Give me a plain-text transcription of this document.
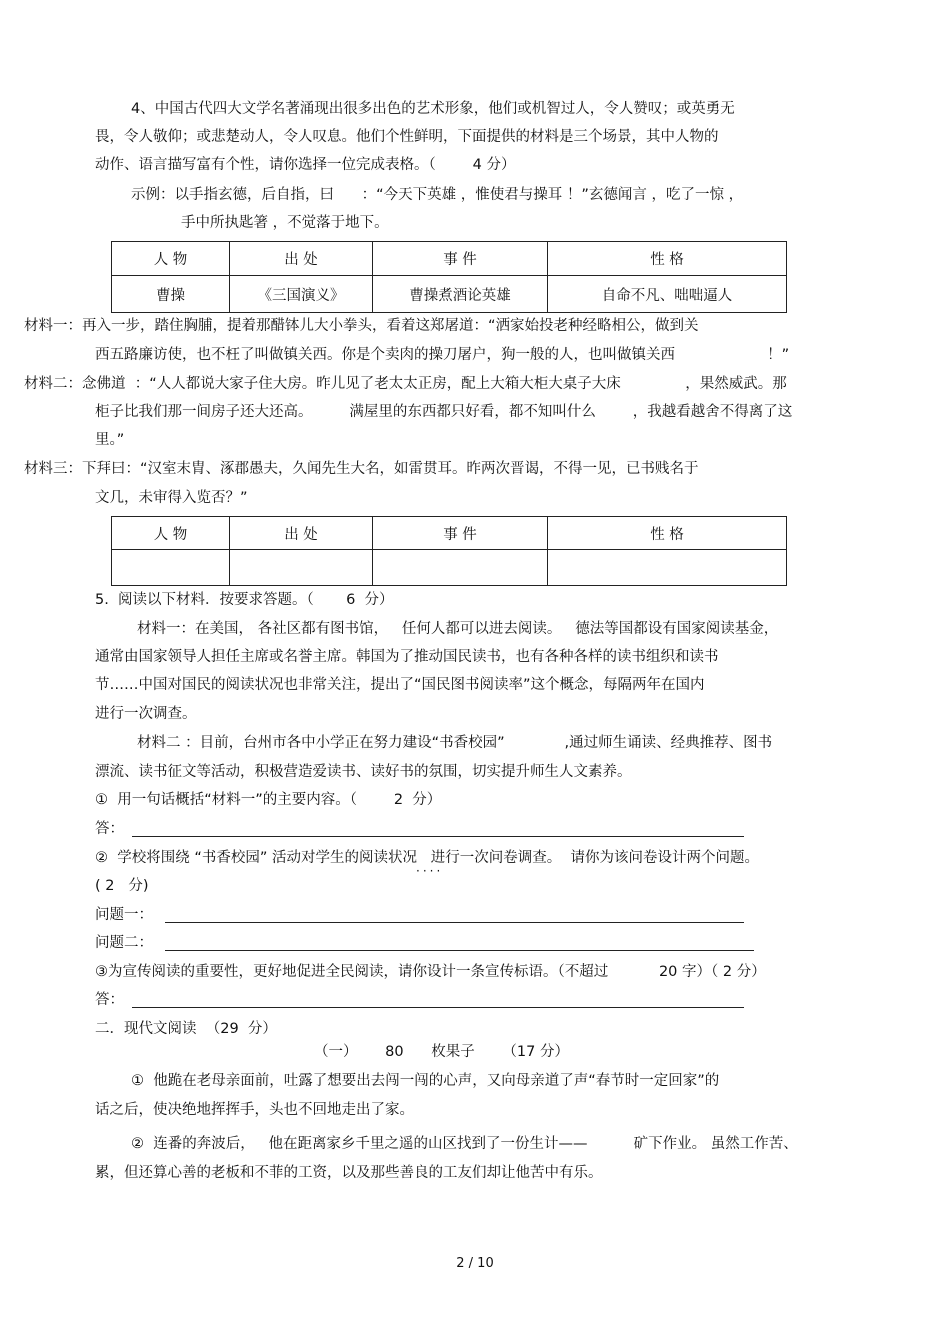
4、中国古代四大文学名著涌现出很多出色的艺术形象，他们或机智过人，令人赞叹；或英勇无
畏，令人敬仰；或悲楚动人，令人叹息。他们个性鲜明，下面提供的材料是三个场景，其中人物的
动作、语言描写富有个性，请你选择一位完成表格。（        4 分）
示例：以手指玄德，后自指，曰      ：“今天下英雄 ，惟使君与操耳 ！”玄德闻言 ，吃了一惊 ，
手中所执匙箸 ，不觉落于地下。
人 物	出 处	事 件	性 格
曹操	《三国演义》	曹操煮酒论英雄	自命不凡、咄咄逼人
材料一：再入一步，踏住胸脯，提着那醋钵儿大小拳头，看着这郑屠道：“洒家始投老种经略相公，做到关
西五路廉访使，也不枉了叫做镇关西。你是个卖肉的操刀屠户，狗一般的人，也叫做镇关西                    ！”
材料二：念佛道  ：“人人都说大家子住大房。昨儿见了老太太正房，配上大箱大柜大桌子大床              ，果然威武。那
柜子比我们那一间房子还大还高。        满屋里的东西都只好看，都不知叫什么        ，我越看越舍不得离了这
里。”
材料三：下拜曰：“汉室末胄、涿郡愚夫，久闻先生大名，如雷贯耳。昨两次晋谒，不得一见，已书贱名于
文几，未审得入览否？”
人 物	出 处	事 件	性 格

5.  阅读以下材料．按要求答题。（       6  分）
材料一：在美国， 各社区都有图书馆，   任何人都可以进去阅读。   德法等国都设有国家阅读基金，
通常由国家领导人担任主席或名誉主席。韩国为了推动国民读书，也有各种各样的读书组织和读书
节……中国对国民的阅读状况也非常关注，提出了“国民图书阅读率”这个概念，每隔两年在国内
进行一次调查。
材料二 ：目前，台州市各中小学正在努力建设“书香校园”             ,通过师生诵读、经典推荐、图书
漂流、读书征文等活动，积极营造爱读书、读好书的氛围，切实提升师生人文素养。
①  用一句话概括“材料一”的主要内容。（        2  分）
答：
②  学校将围绕 “书香校园” 活动对学生的阅读状况   进行一次问卷调查。  请你为该问卷设计两个问题。
····
( 2   分)
问题一：
问题二：
③为宣传阅读的重要性，更好地促进全民阅读，请你设计一条宣传标语。（不超过           20 字）（ 2 分）
答：
二．现代文阅读  （29  分）
（一）      80      枚果子      （17 分）
①  他跪在老母亲面前，吐露了想要出去闯一闯的心声，又向母亲道了声“春节时一定回家”的
话之后，使决绝地挥挥手，头也不回地走出了家。
②  连番的奔波后，   他在距离家乡千里之遥的山区找到了一份生计——          矿下作业。 虽然工作苦、
累，但还算心善的老板和不菲的工资，以及那些善良的工友们却让他苦中有乐。
2 / 10
